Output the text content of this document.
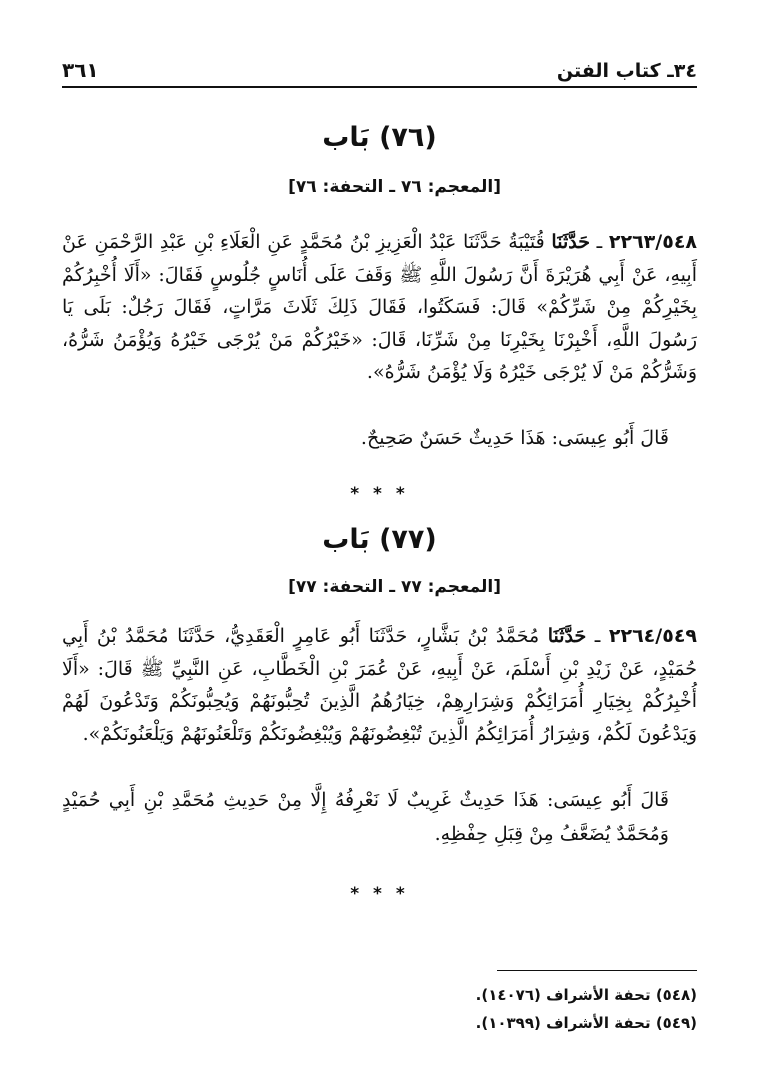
٣٤ـ كتاب الفتن
٣٦١
(٧٦) بَاب
[المعجم: ٧٦ ـ التحفة: ٧٦]
٢٢٦٣/٥٤٨ ـ حَدَّثَنَا قُتَيْبَةُ حَدَّثَنَا عَبْدُ الْعَزِيزِ بْنُ مُحَمَّدٍ عَنِ الْعَلَاءِ بْنِ عَبْدِ الرَّحْمَنِ عَنْ أَبِيهِ، عَنْ أَبِي هُرَيْرَةَ أَنَّ رَسُولَ اللَّهِ ﷺ وَقَفَ عَلَى أُنَاسٍ جُلُوسٍ فَقَالَ: «أَلَا أُخْبِرُكُمْ بِخَيْرِكُمْ مِنْ شَرِّكُمْ» قَالَ: فَسَكَتُوا، فَقَالَ ذَلِكَ ثَلَاثَ مَرَّاتٍ، فَقَالَ رَجُلٌ: بَلَى يَا رَسُولَ اللَّهِ، أَخْبِرْنَا بِخَيْرِنَا مِنْ شَرِّنَا، قَالَ: «خَيْرُكُمْ مَنْ يُرْجَى خَيْرُهُ وَيُؤْمَنُ شَرُّهُ، وَشَرُّكُمْ مَنْ لَا يُرْجَى خَيْرُهُ وَلَا يُؤْمَنُ شَرُّهُ».
قَالَ أَبُو عِيسَى: هَذَا حَدِيثٌ حَسَنٌ صَحِيحٌ.
* * *
(٧٧) بَاب
[المعجم: ٧٧ ـ التحفة: ٧٧]
٢٢٦٤/٥٤٩ ـ حَدَّثَنَا مُحَمَّدُ بْنُ بَشَّارٍ، حَدَّثَنَا أَبُو عَامِرٍ الْعَقَدِيُّ، حَدَّثَنَا مُحَمَّدُ بْنُ أَبِي حُمَيْدٍ، عَنْ زَيْدِ بْنِ أَسْلَمَ، عَنْ أَبِيهِ، عَنْ عُمَرَ بْنِ الْخَطَّابِ، عَنِ النَّبِيِّ ﷺ قَالَ: «أَلَا أُخْبِرُكُمْ بِخِيَارِ أُمَرَائِكُمْ وَشِرَارِهِمْ، خِيَارُهُمُ الَّذِينَ تُحِبُّونَهُمْ وَيُحِبُّونَكُمْ وَتَدْعُونَ لَهُمْ وَيَدْعُونَ لَكُمْ، وَشِرَارُ أُمَرَائِكُمُ الَّذِينَ تُبْغِضُونَهُمْ وَيُبْغِضُونَكُمْ وَتَلْعَنُونَهُمْ وَيَلْعَنُونَكُمْ».
قَالَ أَبُو عِيسَى: هَذَا حَدِيثٌ غَرِيبٌ لَا نَعْرِفُهُ إِلَّا مِنْ حَدِيثِ مُحَمَّدِ بْنِ أَبِي حُمَيْدٍ وَمُحَمَّدٌ يُضَعَّفُ مِنْ قِبَلِ حِفْظِهِ.
* * *
(٥٤٨) تحفة الأشراف (١٤٠٧٦).
(٥٤٩) تحفة الأشراف (١٠٣٩٩).
